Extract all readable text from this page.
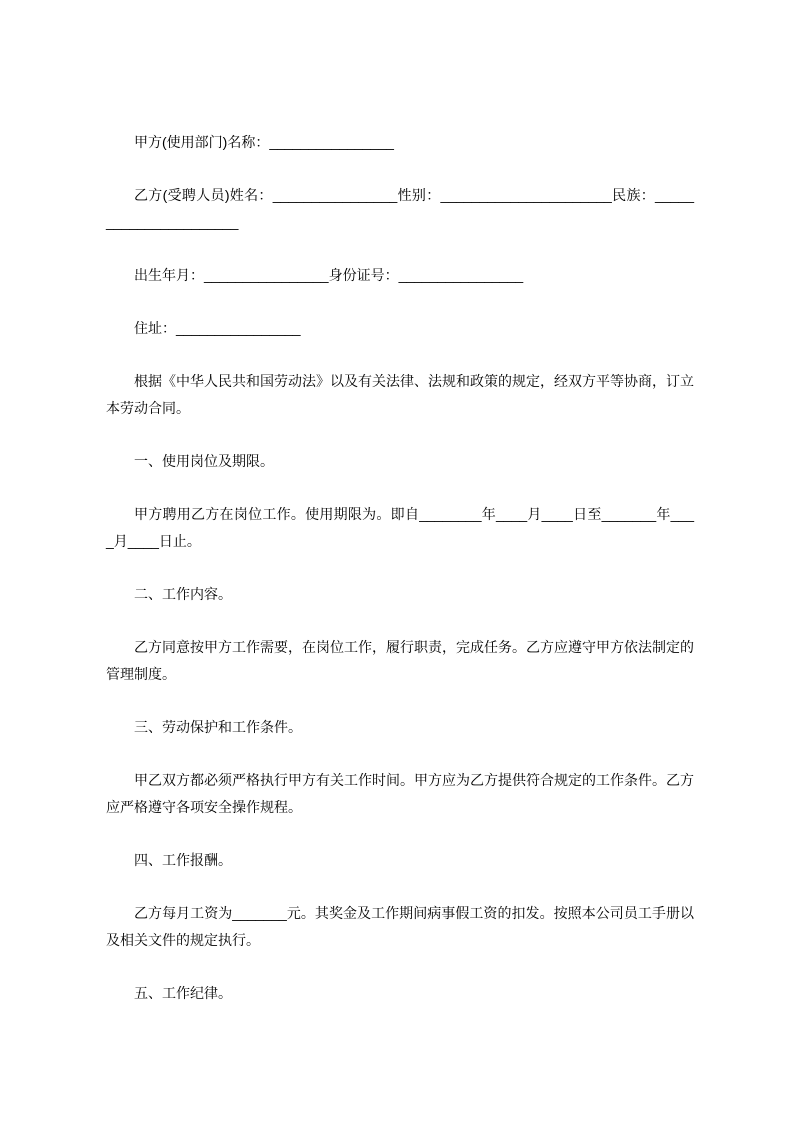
甲方(使用部门)名称：________________

乙方(受聘人员)姓名：________________性别：______________________民族：______________________

出生年月：________________身份证号：________________

住址：________________

根据《中华人民共和国劳动法》以及有关法律、法规和政策的规定，经双方平等协商，订立本劳动合同。

一、使用岗位及期限。

甲方聘用乙方在岗位工作。使用期限为。即自________年____月____日至_______年____月____日止。

二、工作内容。

乙方同意按甲方工作需要，在岗位工作，履行职责，完成任务。乙方应遵守甲方依法制定的管理制度。

三、劳动保护和工作条件。

甲乙双方都必须严格执行甲方有关工作时间。甲方应为乙方提供符合规定的工作条件。乙方应严格遵守各项安全操作规程。

四、工作报酬。

乙方每月工资为_______元。其奖金及工作期间病事假工资的扣发。按照本公司员工手册以及相关文件的规定执行。

五、工作纪律。
